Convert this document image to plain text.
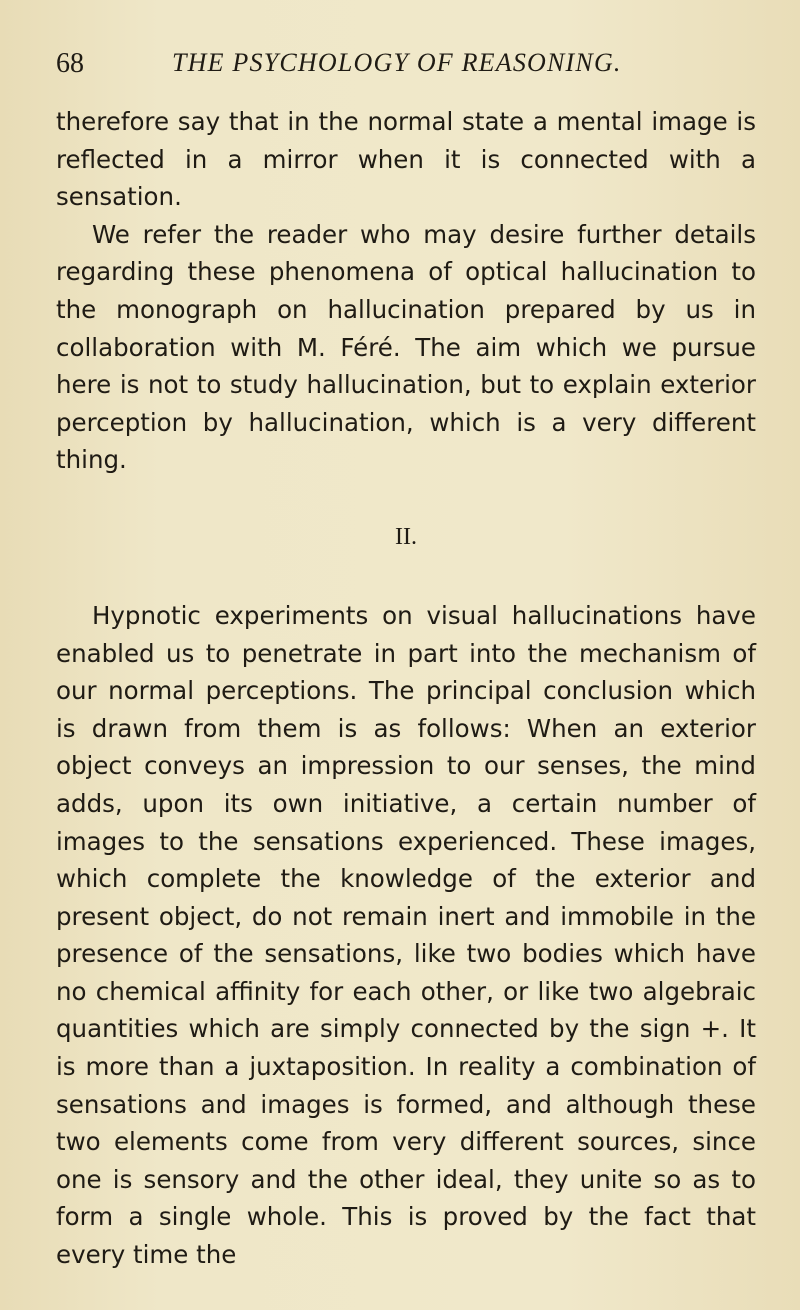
68	THE PSYCHOLOGY OF REASONING.

therefore say that in the normal state a mental image is reflected in a mirror when it is connected with a sensation.

We refer the reader who may desire further details regarding these phenomena of optical hallucination to the monograph on hallucination prepared by us in collaboration with M. Féré. The aim which we pursue here is not to study hallucination, but to explain exterior perception by hallucination, which is a very different thing.

II.

Hypnotic experiments on visual hallucinations have enabled us to penetrate in part into the mechanism of our normal perceptions. The principal conclusion which is drawn from them is as follows: When an exterior object conveys an impression to our senses, the mind adds, upon its own initiative, a certain number of images to the sensations experienced. These images, which complete the knowledge of the exterior and present object, do not remain inert and immobile in the presence of the sensations, like two bodies which have no chemical affinity for each other, or like two algebraic quantities which are simply connected by the sign +. It is more than a juxtaposition. In reality a combination of sensations and images is formed, and although these two elements come from very different sources, since one is sensory and the other ideal, they unite so as to form a single whole. This is proved by the fact that every time the
